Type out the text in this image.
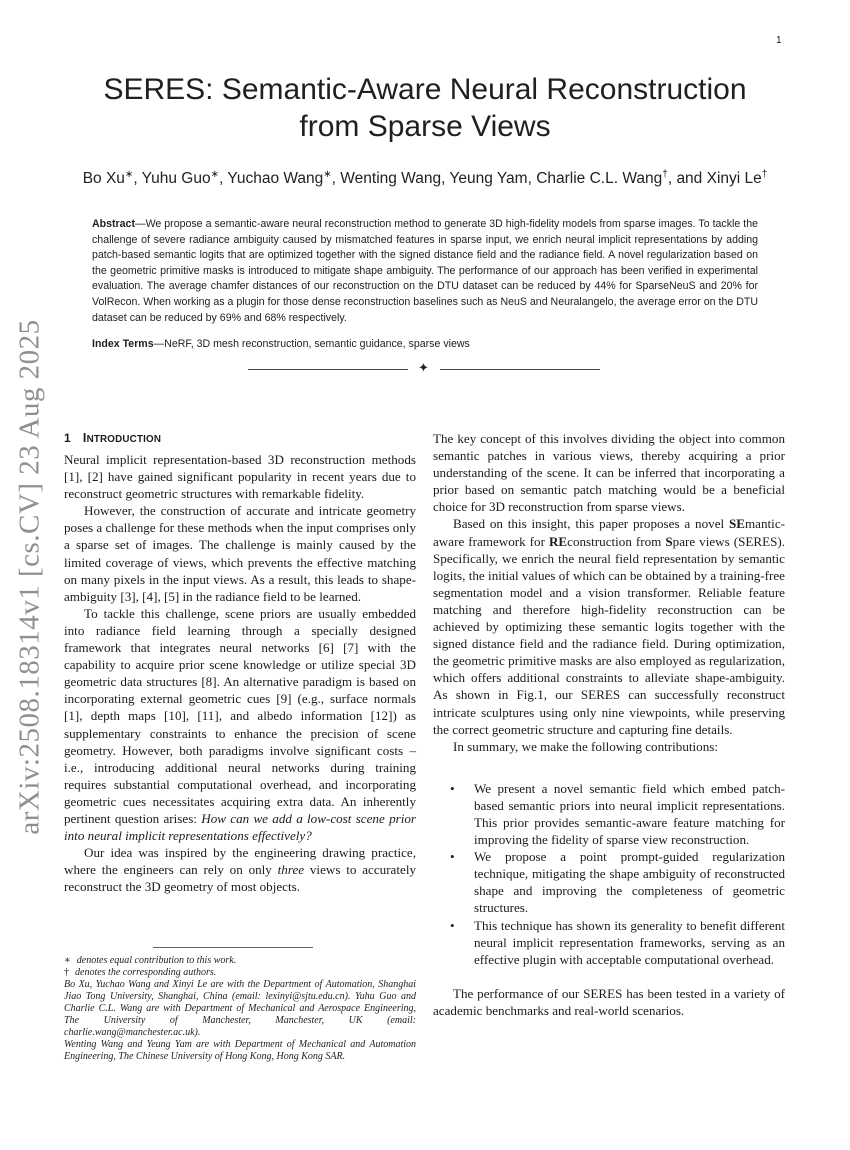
1
arXiv:2508.18314v1 [cs.CV] 23 Aug 2025
SERES: Semantic-Aware Neural Reconstruction
from Sparse Views
Bo Xu∗, Yuhu Guo∗, Yuchao Wang∗, Wenting Wang, Yeung Yam, Charlie C.L. Wang†, and Xinyi Le†
Abstract—We propose a semantic-aware neural reconstruction method to generate 3D high-fidelity models from sparse images. To tackle the challenge of severe radiance ambiguity caused by mismatched features in sparse input, we enrich neural implicit representations by adding patch-based semantic logits that are optimized together with the signed distance field and the radiance field. A novel regularization based on the geometric primitive masks is introduced to mitigate shape ambiguity. The performance of our approach has been verified in experimental evaluation. The average chamfer distances of our reconstruction on the DTU dataset can be reduced by 44% for SparseNeuS and 20% for VolRecon. When working as a plugin for those dense reconstruction baselines such as NeuS and Neuralangelo, the average error on the DTU dataset can be reduced by 69% and 68% respectively.
Index Terms—NeRF, 3D mesh reconstruction, semantic guidance, sparse views
✦
1 INTRODUCTION

Neural implicit representation-based 3D reconstruction methods [1], [2] have gained significant popularity in recent years due to reconstruct geometric structures with remarkable fidelity.

However, the construction of accurate and intricate geometry poses a challenge for these methods when the input comprises only a sparse set of images. The challenge is mainly caused by the limited coverage of views, which prevents the effective matching on many pixels in the input views. As a result, this leads to shape-ambiguity [3], [4], [5] in the radiance field to be learned.

To tackle this challenge, scene priors are usually embedded into radiance field learning through a specially designed framework that integrates neural networks [6] [7] with the capability to acquire prior scene knowledge or utilize special 3D geometric data structures [8]. An alternative paradigm is based on incorporating external geometric cues [9] (e.g., surface normals [1], depth maps [10], [11], and albedo information [12]) as supplementary constraints to enhance the precision of scene geometry. However, both paradigms involve significant costs – i.e., introducing additional neural networks during training requires substantial computational overhead, and incorporating geometric cues necessitates acquiring extra data. An inherently pertinent question arises: How can we add a low-cost scene prior into neural implicit representations effectively?

Our idea was inspired by the engineering drawing practice, where the engineers can rely on only three views to accurately reconstruct the 3D geometry of most objects.

∗ denotes equal contribution to this work.

† denotes the corresponding authors.

Bo Xu, Yuchao Wang and Xinyi Le are with the Department of Automation, Shanghai Jiao Tong University, Shanghai, China (email: lexinyi@sjtu.edu.cn). Yuhu Guo and Charlie C.L. Wang are with Department of Mechanical and Aerospace Engineering, The University of Manchester, Manchester, UK (email: charlie.wang@manchester.ac.uk).

Wenting Wang and Yeung Yam are with Department of Mechanical and Automation Engineering, The Chinese University of Hong Kong, Hong Kong SAR.

The key concept of this involves dividing the object into common semantic patches in various views, thereby acquiring a prior understanding of the scene. It can be inferred that incorporating a prior based on semantic patch matching would be a beneficial choice for 3D reconstruction from sparse views.

Based on this insight, this paper proposes a novel SEmantic-aware framework for REconstruction from Spare views (SERES). Specifically, we enrich the neural field representation by semantic logits, the initial values of which can be obtained by a training-free segmentation model and a vision transformer. Reliable feature matching and therefore high-fidelity reconstruction can be achieved by optimizing these semantic logits together with the signed distance field and the radiance field. During optimization, the geometric primitive masks are also employed as regularization, which offers additional constraints to alleviate shape-ambiguity. As shown in Fig.1, our SERES can successfully reconstruct intricate sculptures using only nine viewpoints, while preserving the correct geometric structure and capturing fine details.

In summary, we make the following contributions:

• We present a novel semantic field which embed patch-based semantic priors into neural implicit representations. This prior provides semantic-aware feature matching for improving the fidelity of sparse view reconstruction.
• We propose a point prompt-guided regularization technique, mitigating the shape ambiguity of reconstructed shape and improving the completeness of geometric structures.
• This technique has shown its generality to benefit different neural implicit representation frameworks, serving as an effective plugin with acceptable computational overhead.

The performance of our SERES has been tested in a variety of academic benchmarks and real-world scenarios.
